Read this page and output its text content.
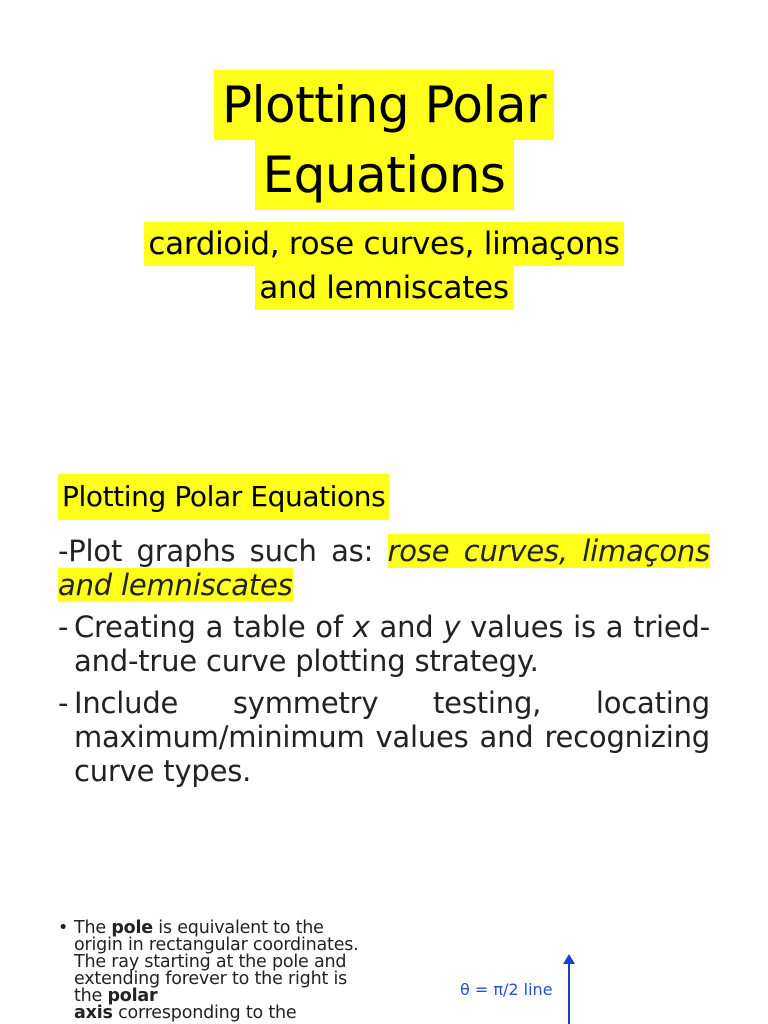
Plotting Polar
Equations
cardioid, rose curves, limaçons
and lemniscates
Plotting Polar Equations
-Plot graphs such as: rose curves, limaçons and lemniscates
- Creating a table of x and y values is a tried-and-true curve plotting strategy.
- Include symmetry testing, locating maximum/minimum values and recognizing curve types.
• The pole is equivalent to the origin in rectangular coordinates. The ray starting at the pole and extending forever to the right is the polar
axis corresponding to the
θ = π/2 line
